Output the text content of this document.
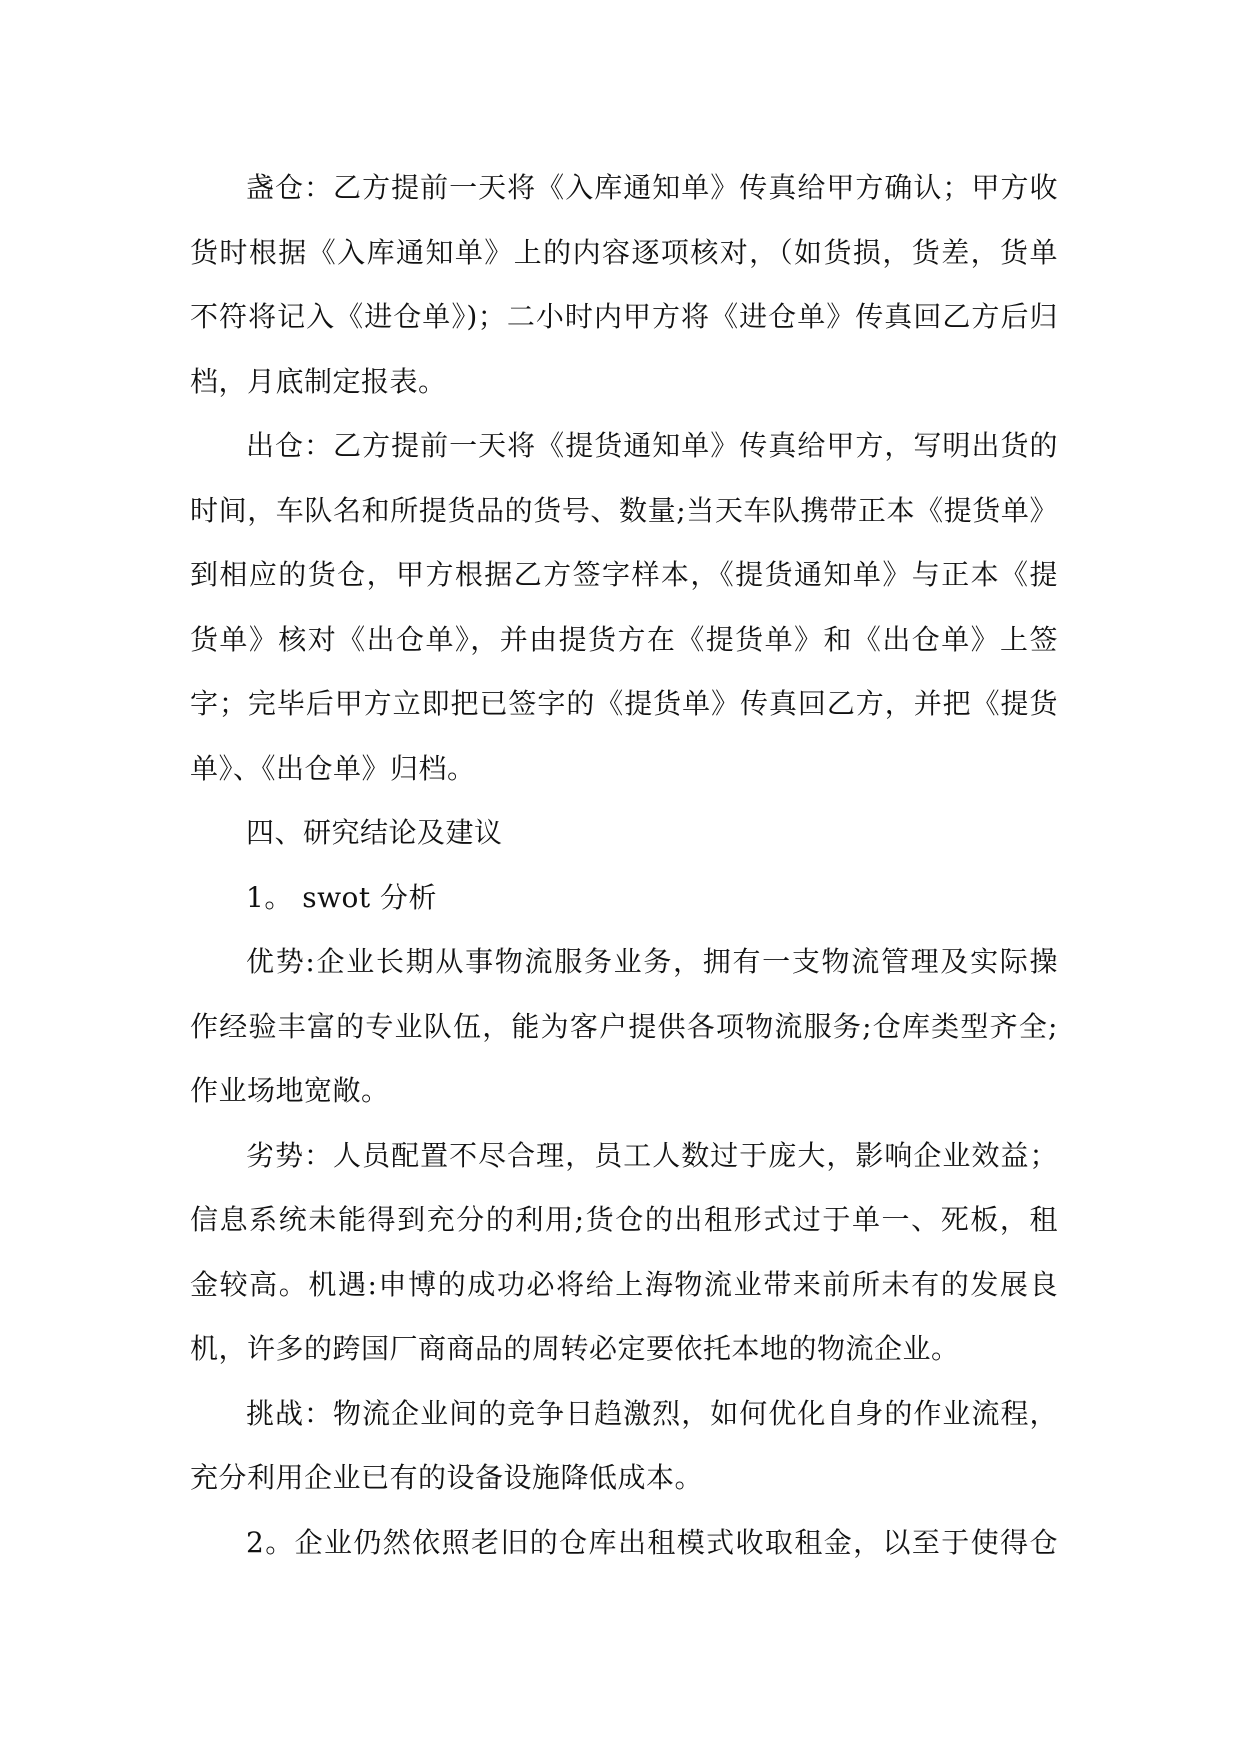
盏仓：乙方提前一天将《入库通知单》传真给甲方确认；甲方收
货时根据《入库通知单》上的内容逐项核对，（如货损，货差，货单
不符将记入《进仓单》)；二小时内甲方将《进仓单》传真回乙方后归
档，月底制定报表。
出仓：乙方提前一天将《提货通知单》传真给甲方，写明出货的
时间，车队名和所提货品的货号、数量;当天车队携带正本《提货单》
到相应的货仓，甲方根据乙方签字样本，《提货通知单》与正本《提
货单》核对《出仓单》，并由提货方在《提货单》和《出仓单》上签
字；完毕后甲方立即把已签字的《提货单》传真回乙方，并把《提货
单》、《出仓单》归档。
四、研究结论及建议
1。 swot 分析
优势:企业长期从事物流服务业务，拥有一支物流管理及实际操
作经验丰富的专业队伍，能为客户提供各项物流服务;仓库类型齐全;
作业场地宽敞。
劣势：人员配置不尽合理，员工人数过于庞大，影响企业效益；
信息系统未能得到充分的利用;货仓的出租形式过于单一、死板，租
金较高。机遇:申博的成功必将给上海物流业带来前所未有的发展良
机，许多的跨国厂商商品的周转必定要依托本地的物流企业。
挑战：物流企业间的竞争日趋激烈，如何优化自身的作业流程，
充分利用企业已有的设备设施降低成本。
2。企业仍然依照老旧的仓库出租模式收取租金，以至于使得仓
